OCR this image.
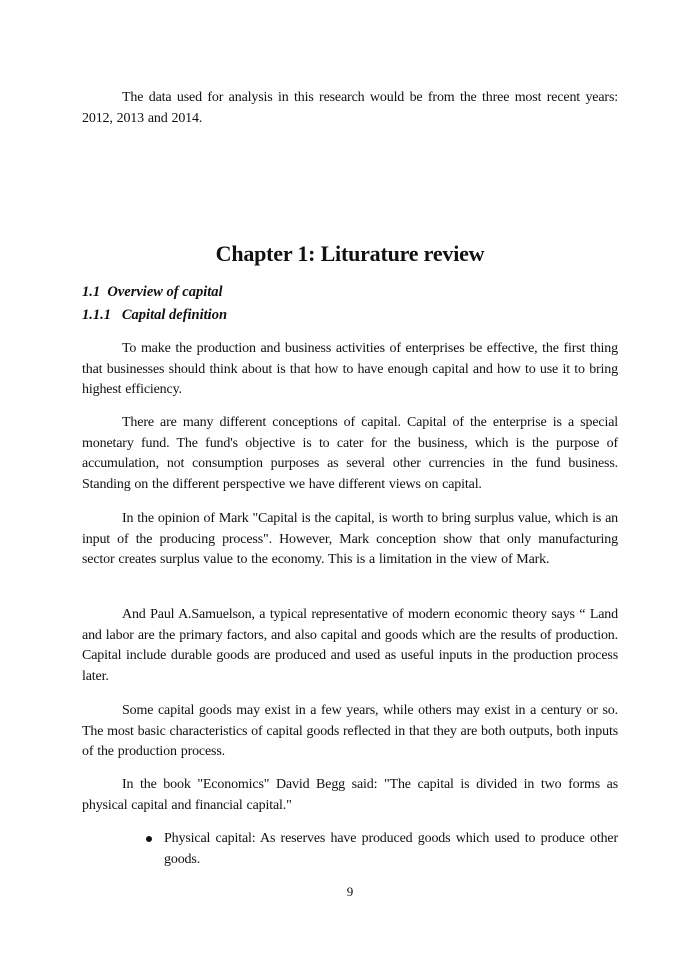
The data used for analysis in this research would be from the three most recent years: 2012, 2013 and 2014.

Chapter 1: Liturature review
1.1 Overview of capital
1.1.1 Capital definition

To make the production and business activities of enterprises be effective, the first thing that businesses should think about is that how to have enough capital and how to use it to bring highest efficiency.

There are many different conceptions of capital. Capital of the enterprise is a special monetary fund. The fund's objective is to cater for the business, which is the purpose of accumulation, not consumption purposes as several other currencies in the fund business. Standing on the different perspective we have different views on capital.

In the opinion of Mark "Capital is the capital, is worth to bring surplus value, which is an input of the producing process". However, Mark conception show that only manufacturing sector creates surplus value to the economy. This is a limitation in the view of Mark.

And Paul A.Samuelson, a typical representative of modern economic theory says “ Land and labor are the primary factors, and also capital and goods which are the results of production. Capital include durable goods are produced and used as useful inputs in the production process later.

Some capital goods may exist in a few years, while others may exist in a century or so. The most basic characteristics of capital goods reflected in that they are both outputs, both inputs of the production process.

In the book "Economics" David Begg said: "The capital is divided in two forms as physical capital and financial capital."

Physical capital: As reserves have produced goods which used to produce other goods.

9
